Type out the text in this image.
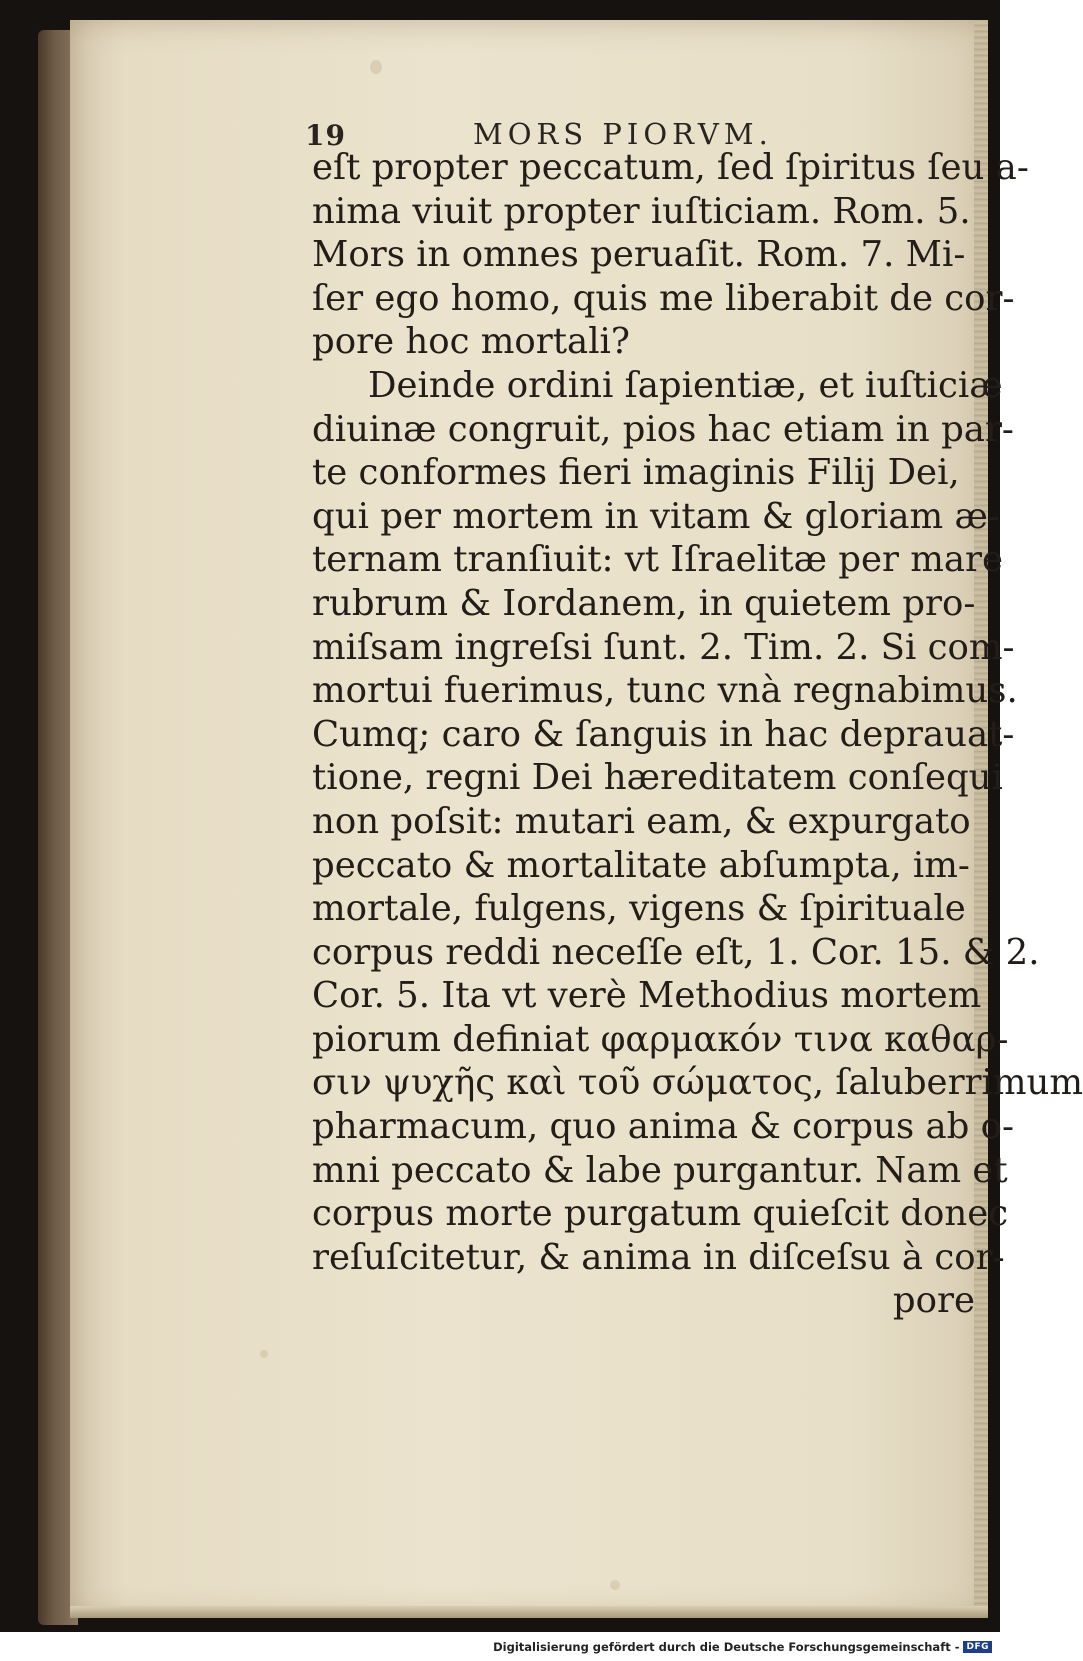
19	MORS PIORVM.
eſt propter peccatum, ſed ſpiritus ſeu a-
nima viuit propter iuſticiam. Rom. 5.
Mors in omnes peruaſit. Rom. 7. Mi-
ſer ego homo, quis me liberabit de cor-
pore hoc mortali?
Deinde ordini ſapientiæ, et iuſticiæ
diuinæ congruit, pios hac etiam in par-
te conformes fieri imaginis Filij Dei,
qui per mortem in vitam & gloriam æ-
ternam tranſiuit: vt Iſraelitæ per mare
rubrum & Iordanem, in quietem pro-
miſsam ingreſsi ſunt. 2. Tim. 2. Si com-
mortui fuerimus, tunc vnà regnabimus.
Cumq; caro & ſanguis in hac deprauat-
tione, regni Dei hæreditatem conſequi
non poſsit: mutari eam, & expurgato
peccato & mortalitate abſumpta, im-
mortale, fulgens, vigens & ſpirituale
corpus reddi neceſſe eſt, 1. Cor. 15. & 2.
Cor. 5. Ita vt verè Methodius mortem
piorum definiat φαρμακόν τινα καθαρ-
σιν ψυχῆς καὶ τοῦ σώματος, ſaluberrimum
pharmacum, quo anima & corpus ab o-
mni peccato & labe purgantur. Nam et
corpus morte purgatum quieſcit donec
reſuſcitetur, & anima in diſceſsu à cor-
pore
Digitalisierung gefördert durch die Deutsche Forschungsgemeinschaft - DFG
